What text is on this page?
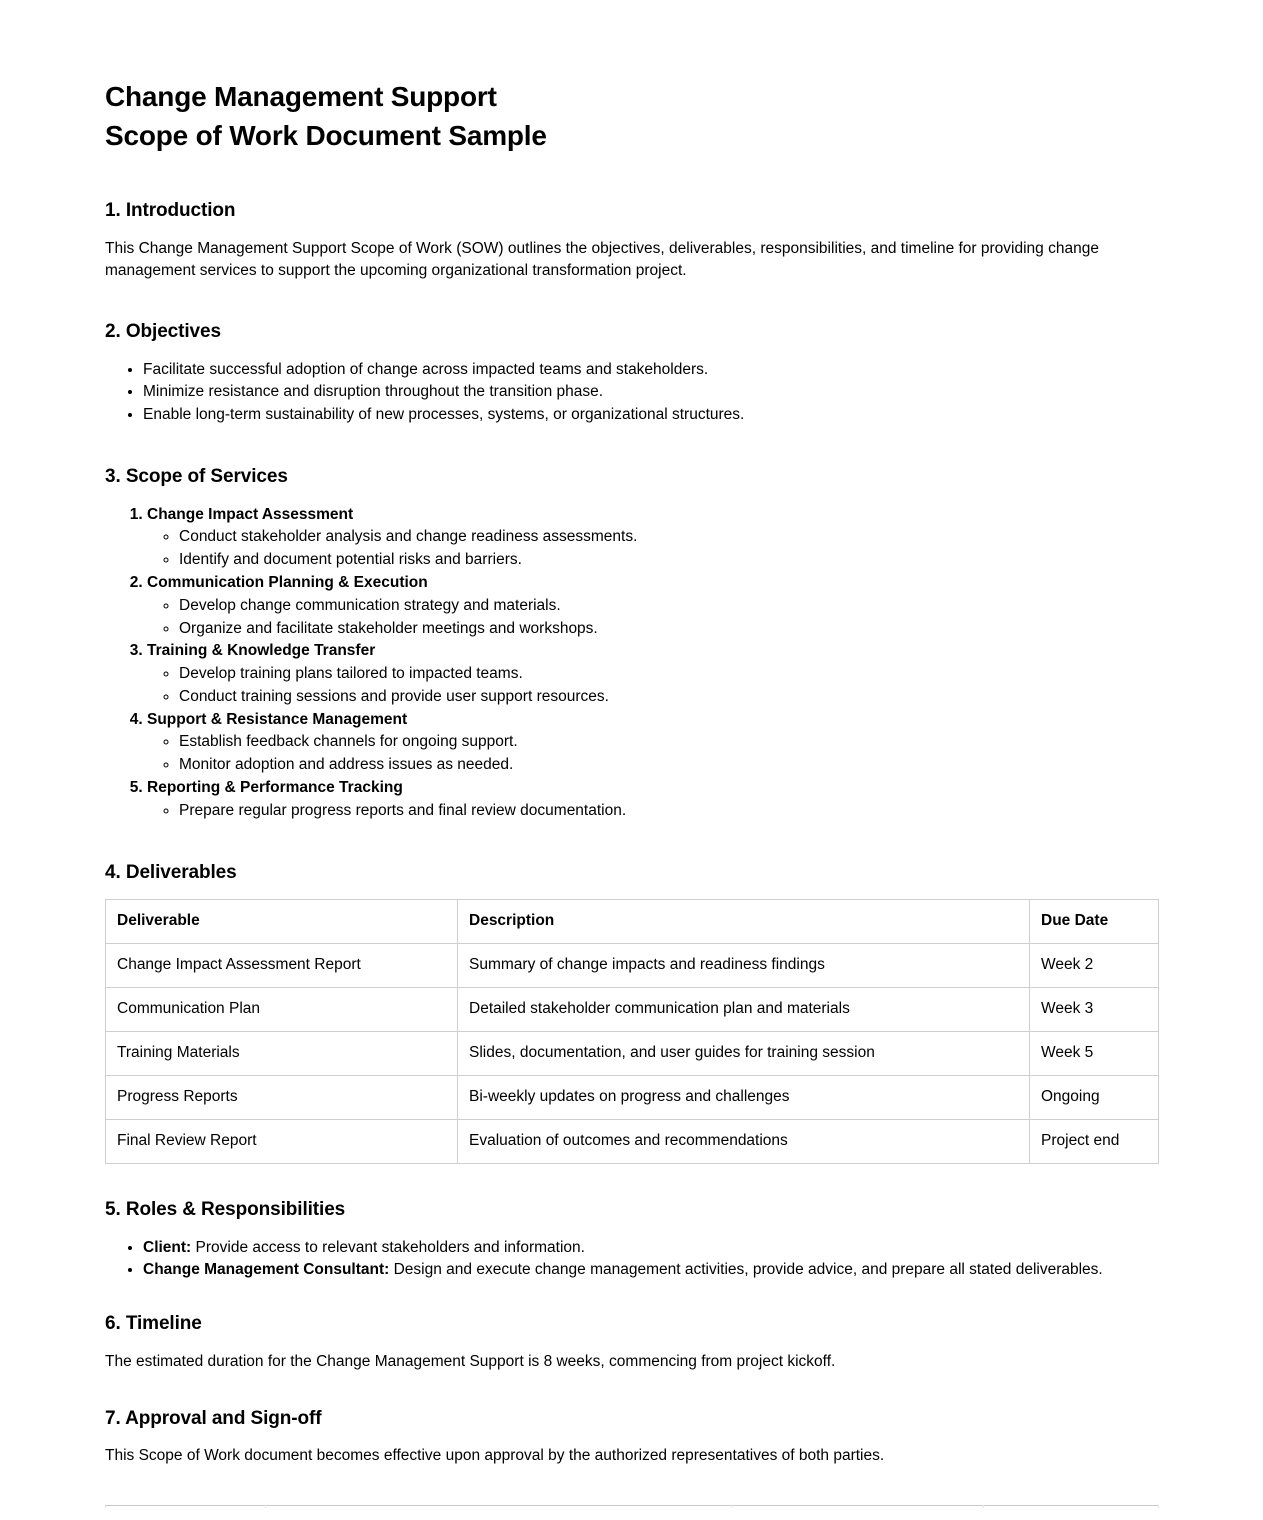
Change Management Support
Scope of Work Document Sample
1. Introduction

This Change Management Support Scope of Work (SOW) outlines the objectives, deliverables, responsibilities, and timeline for providing change management services to support the upcoming organizational transformation project.

2. Objectives
• Facilitate successful adoption of change across impacted teams and stakeholders.
• Minimize resistance and disruption throughout the transition phase.
• Enable long-term sustainability of new processes, systems, or organizational structures.
3. Scope of Services
1. Change Impact Assessment
◦ Conduct stakeholder analysis and change readiness assessments.
◦ Identify and document potential risks and barriers.
2. Communication Planning & Execution
◦ Develop change communication strategy and materials.
◦ Organize and facilitate stakeholder meetings and workshops.
3. Training & Knowledge Transfer
◦ Develop training plans tailored to impacted teams.
◦ Conduct training sessions and provide user support resources.
4. Support & Resistance Management
◦ Establish feedback channels for ongoing support.
◦ Monitor adoption and address issues as needed.
5. Reporting & Performance Tracking
◦ Prepare regular progress reports and final review documentation.
4. Deliverables
Deliverable	Description	Due Date
Change Impact Assessment Report	Summary of change impacts and readiness findings	Week 2
Communication Plan	Detailed stakeholder communication plan and materials	Week 3
Training Materials	Slides, documentation, and user guides for training session	Week 5
Progress Reports	Bi-weekly updates on progress and challenges	Ongoing
Final Review Report	Evaluation of outcomes and recommendations	Project end
5. Roles & Responsibilities
• Client: Provide access to relevant stakeholders and information.
• Change Management Consultant: Design and execute change management activities, provide advice, and prepare all stated deliverables.
6. Timeline

The estimated duration for the Change Management Support is 8 weeks, commencing from project kickoff.

7. Approval and Sign-off

This Scope of Work document becomes effective upon approval by the authorized representatives of both parties.
